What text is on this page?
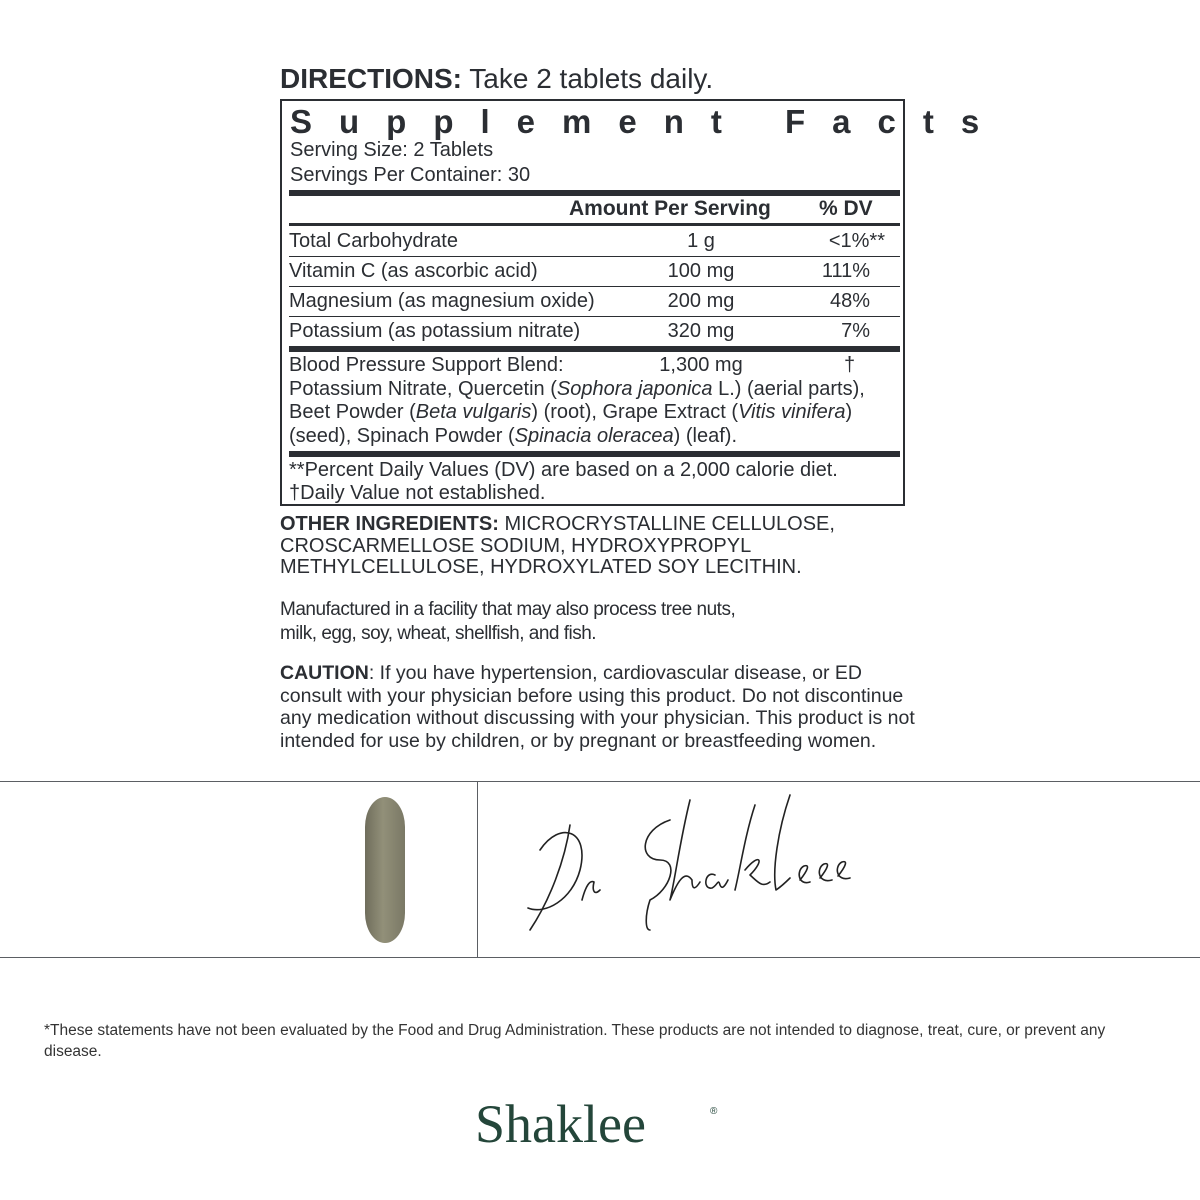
DIRECTIONS: Take 2 tablets daily.
Supplement Facts
Serving Size: 2 Tablets
Servings Per Container: 30
Amount Per Serving % DV
Total Carbohydrate	1 g	<1%**
Vitamin C (as ascorbic acid)	100 mg	111%
Magnesium (as magnesium oxide)	200 mg	48%
Potassium (as potassium nitrate)	320 mg	7%
Blood Pressure Support Blend:	1,300 mg	†
Potassium Nitrate, Quercetin (Sophora japonica L.) (aerial parts),
Beet Powder (Beta vulgaris) (root), Grape Extract (Vitis vinifera)
(seed), Spinach Powder (Spinacia oleracea) (leaf).
**Percent Daily Values (DV) are based on a 2,000 calorie diet.
†Daily Value not established.
OTHER INGREDIENTS: MICROCRYSTALLINE CELLULOSE, CROSCARMELLOSE SODIUM, HYDROXYPROPYL METHYLCELLULOSE, HYDROXYLATED SOY LECITHIN.
Manufactured in a facility that may also process tree nuts,
milk, egg, soy, wheat, shellfish, and fish.
CAUTION: If you have hypertension, cardiovascular disease, or ED consult with your physician before using this product. Do not discontinue any medication without discussing with your physician. This product is not intended for use by children, or by pregnant or breastfeeding women.
*These statements have not been evaluated by the Food and Drug Administration. These products are not intended to diagnose, treat, cure, or prevent any disease.
Shaklee	®
